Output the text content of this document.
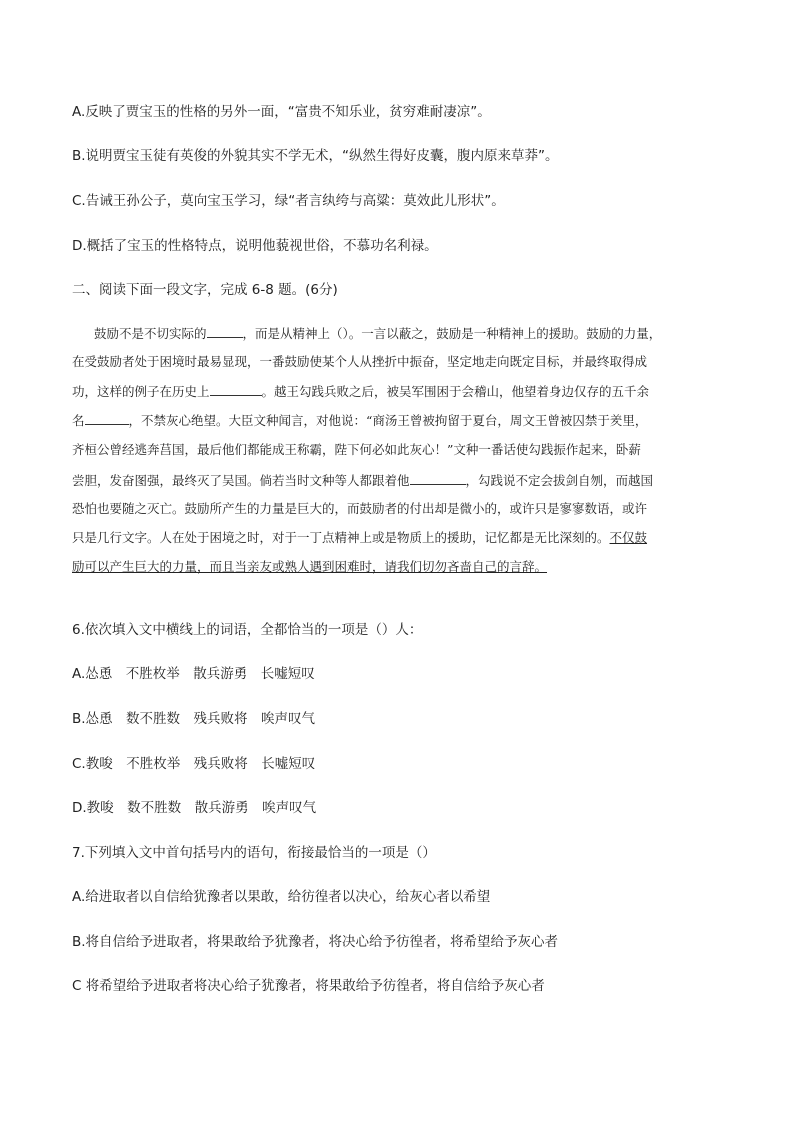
A.反映了贾宝玉的性格的另外一面，“富贵不知乐业，贫穷难耐凄凉”。
B.说明贾宝玉徒有英俊的外貌其实不学无术，“纵然生得好皮囊，腹内原来草莽”。
C.告诫王孙公子，莫向宝玉学习，绿“者言纨绔与高粱：莫效此儿形状”。
D.概括了宝玉的性格特点，说明他藐视世俗，不慕功名利禄。
二、阅读下面一段文字，完成 6-8 题。(6分)
鼓励不是不切实际的	，而是从精神上（）。一言以蔽之，鼓励是一种精神上的援助。鼓励的力量，
在受鼓励者处于困境时最易显现，一番鼓励使某个人从挫折中振奋，坚定地走向既定目标，并最终取得成
功，这样的例子在历史上	。越王勾践兵败之后，被吴军围困于会稽山，他望着身边仅存的五千余
名	，不禁灰心绝望。大臣文种闻言，对他说：“商汤王曾被拘留于夏台，周文王曾被囚禁于羑里，
齐桓公曾经逃奔莒国，最后他们都能成王称霸，陛下何必如此灰心！”文种一番话使勾践振作起来，卧薪
尝胆，发奋图强，最终灭了吴国。倘若当时文种等人都跟着他	，勾践说不定会拔剑自刎，而越国
恐怕也要随之灭亡。鼓励所产生的力量是巨大的，而鼓励者的付出却是微小的，或许只是寥寥数语，或许
只是几行文字。人在处于困境之时，对于一丁点精神上或是物质上的援助，记忆都是无比深刻的。不仅鼓
励可以产生巨大的力量，而且当亲友或熟人遇到困难时，请我们切勿吝啬自己的言辞。
6.依次填入文中横线上的词语，全都恰当的一项是（）人：
A.怂恿　不胜枚举　散兵游勇　长嘘短叹
B.怂恿　数不胜数　残兵败将　唉声叹气
C.教唆　不胜枚举　残兵败将　长嘘短叹
D.教唆　数不胜数　散兵游勇　唉声叹气
7.下列填入文中首句括号内的语句，衔接最恰当的一项是（）
A.给进取者以自信给犹豫者以果敢，给彷徨者以决心，给灰心者以希望
B.将自信给予进取者，将果敢给予犹豫者，将决心给予彷徨者，将希望给予灰心者
C 将希望给予进取者将决心给子犹豫者，将果敢给予彷徨者，将自信给予灰心者
